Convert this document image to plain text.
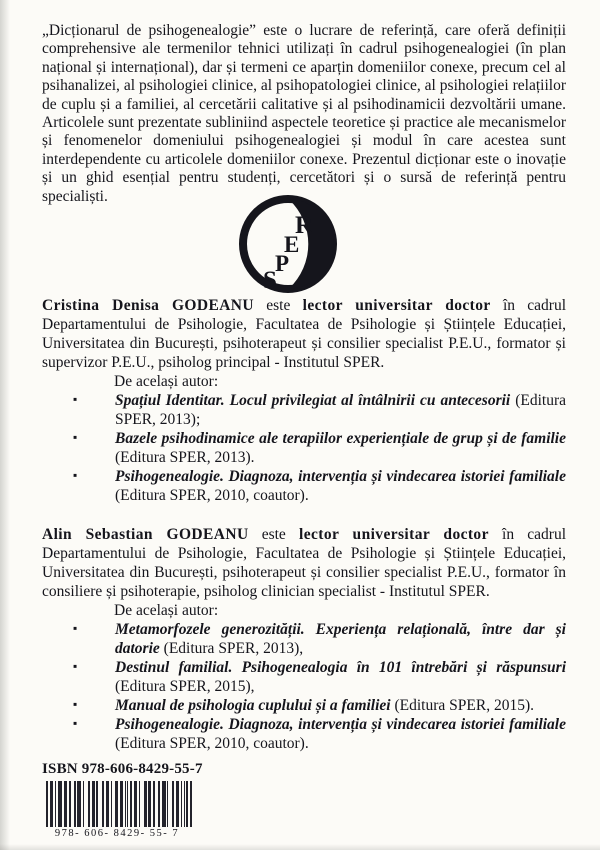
„Dicționarul de psihogenealogie” este o lucrare de referință, care oferă definiții comprehensive ale termenilor tehnici utilizați în cadrul psihogenealogiei (în plan național și internațional), dar și termeni ce aparțin domeniilor conexe, precum cel al psihanalizei, al psihologiei clinice, al psihopatologiei clinice, al psihologiei relațiilor de cuplu și a familiei, al cercetării calitative și al psihodinamicii dezvoltării umane. Articolele sunt prezentate subliniind aspectele teoretice și practice ale mecanismelor și fenomenelor domeniului psihogenealogiei și modul în care acestea sunt interdependente cu articolele domeniilor conexe. Prezentul dicționar este o inovație și un ghid esențial pentru studenți, cercetători și o sursă de referință pentru specialiști.

R
E
P
S

Cristina Denisa GODEANU este lector universitar doctor în cadrul Departamentului de Psihologie, Facultatea de Psihologie și Științele Educației, Universitatea din București, psihoterapeut și consilier specialist P.E.U., formator și supervizor P.E.U., psiholog principal - Institutul SPER.

De același autor:

▪ Spațiul Identitar. Locul privilegiat al întâlnirii cu antecesorii (Editura SPER, 2013);
▪ Bazele psihodinamice ale terapiilor experiențiale de grup și de familie (Editura SPER, 2013).
▪ Psihogenealogie. Diagnoza, intervenția și vindecarea istoriei familiale (Editura SPER, 2010, coautor).

Alin Sebastian GODEANU este lector universitar doctor în cadrul Departamentului de Psihologie, Facultatea de Psihologie și Științele Educației, Universitatea din București, psihoterapeut și consilier specialist P.E.U., formator în consiliere și psihoterapie, psiholog clinician specialist - Institutul SPER.

De același autor:

▪ Metamorfozele generozității. Experiența relațională, între dar și datorie (Editura SPER, 2013),
▪ Destinul familial. Psihogenealogia în 101 întrebări și răspunsuri (Editura SPER, 2015),
▪ Manual de psihologia cuplului și a familiei (Editura SPER, 2015).
▪ Psihogenealogie. Diagnoza, intervenția și vindecarea istoriei familiale (Editura SPER, 2010, coautor).

ISBN 978-606-8429-55-7

978- 606- 8429- 55- 7
